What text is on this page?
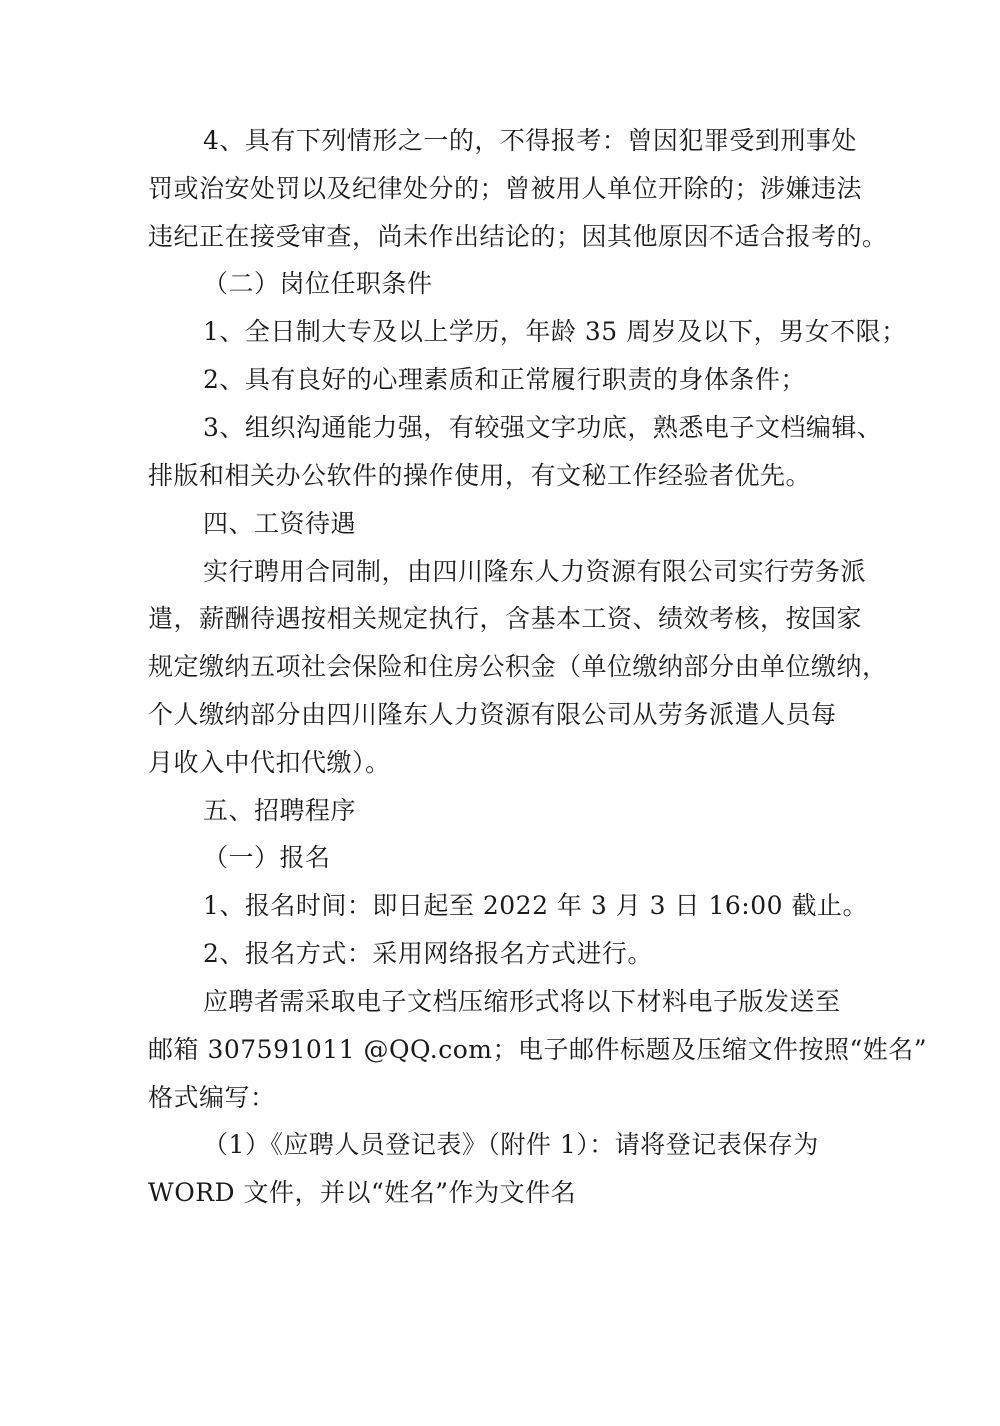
4、具有下列情形之一的，不得报考：曾因犯罪受到刑事处
罚或治安处罚以及纪律处分的；曾被用人单位开除的；涉嫌违法
违纪正在接受审查，尚未作出结论的；因其他原因不适合报考的。
（二）岗位任职条件
1、全日制大专及以上学历，年龄 35 周岁及以下，男女不限；
2、具有良好的心理素质和正常履行职责的身体条件；
3、组织沟通能力强，有较强文字功底，熟悉电子文档编辑、
排版和相关办公软件的操作使用，有文秘工作经验者优先。
四、工资待遇
实行聘用合同制，由四川隆东人力资源有限公司实行劳务派
遣，薪酬待遇按相关规定执行，含基本工资、绩效考核，按国家
规定缴纳五项社会保险和住房公积金（单位缴纳部分由单位缴纳，
个人缴纳部分由四川隆东人力资源有限公司从劳务派遣人员每
月收入中代扣代缴）。
五、招聘程序
（一）报名
1、报名时间：即日起至 2022 年 3 月 3 日 16:00 截止。
2、报名方式：采用网络报名方式进行。
应聘者需采取电子文档压缩形式将以下材料电子版发送至
邮箱 307591011 @QQ.com；电子邮件标题及压缩文件按照“姓名”
格式编写：
（1）《应聘人员登记表》（附件 1）：请将登记表保存为
WORD 文件，并以“姓名”作为文件名
